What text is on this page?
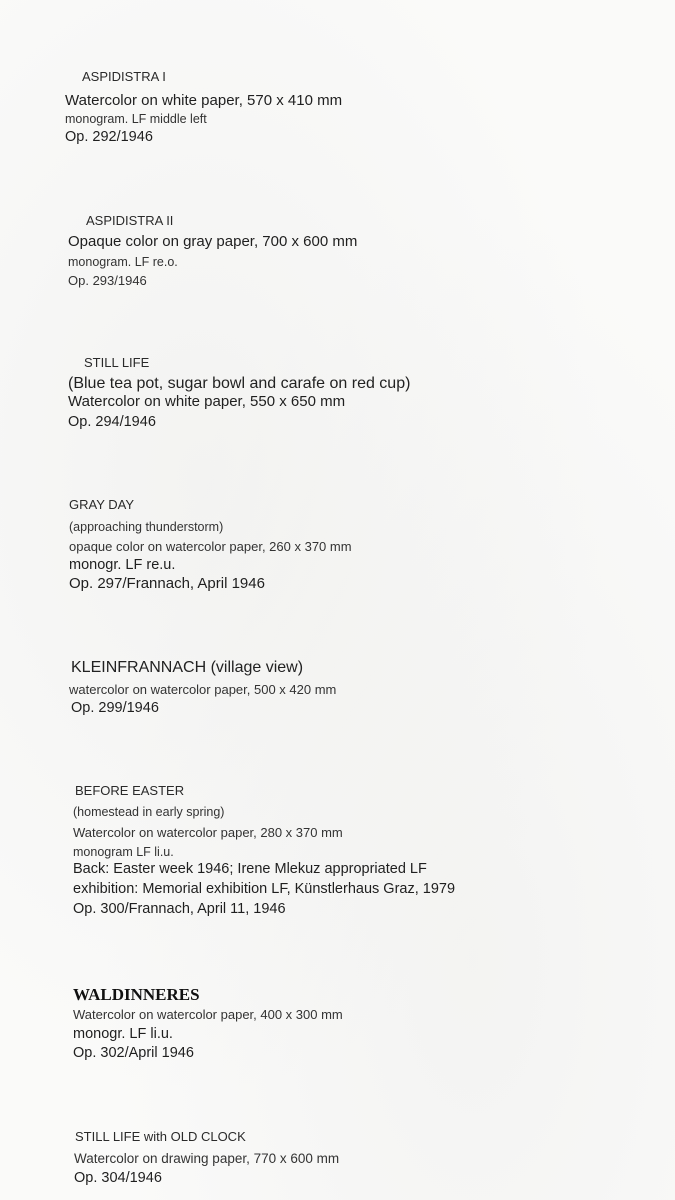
ASPIDISTRA I
Watercolor on white paper, 570 x 410 mm
monogram. LF middle left
Op. 292/1946
ASPIDISTRA II
Opaque color on gray paper, 700 x 600 mm
monogram. LF re.o.
Op. 293/1946
STILL LIFE
(Blue tea pot, sugar bowl and carafe on red cup)
Watercolor on white paper, 550 x 650 mm
Op. 294/1946
GRAY DAY
(approaching thunderstorm)
opaque color on watercolor paper, 260 x 370 mm
monogr. LF re.u.
Op. 297/Frannach, April 1946
KLEINFRANNACH (village view)
watercolor on watercolor paper, 500 x 420 mm
Op. 299/1946
BEFORE EASTER
(homestead in early spring)
Watercolor on watercolor paper, 280 x 370 mm
monogram LF li.u.
Back: Easter week 1946; Irene Mlekuz appropriated LF
exhibition: Memorial exhibition LF, Künstlerhaus Graz, 1979
Op. 300/Frannach, April 11, 1946
WALDINNERES
Watercolor on watercolor paper, 400 x 300 mm
monogr. LF li.u.
Op. 302/April 1946
STILL LIFE with OLD CLOCK
Watercolor on drawing paper, 770 x 600 mm
Op. 304/1946
